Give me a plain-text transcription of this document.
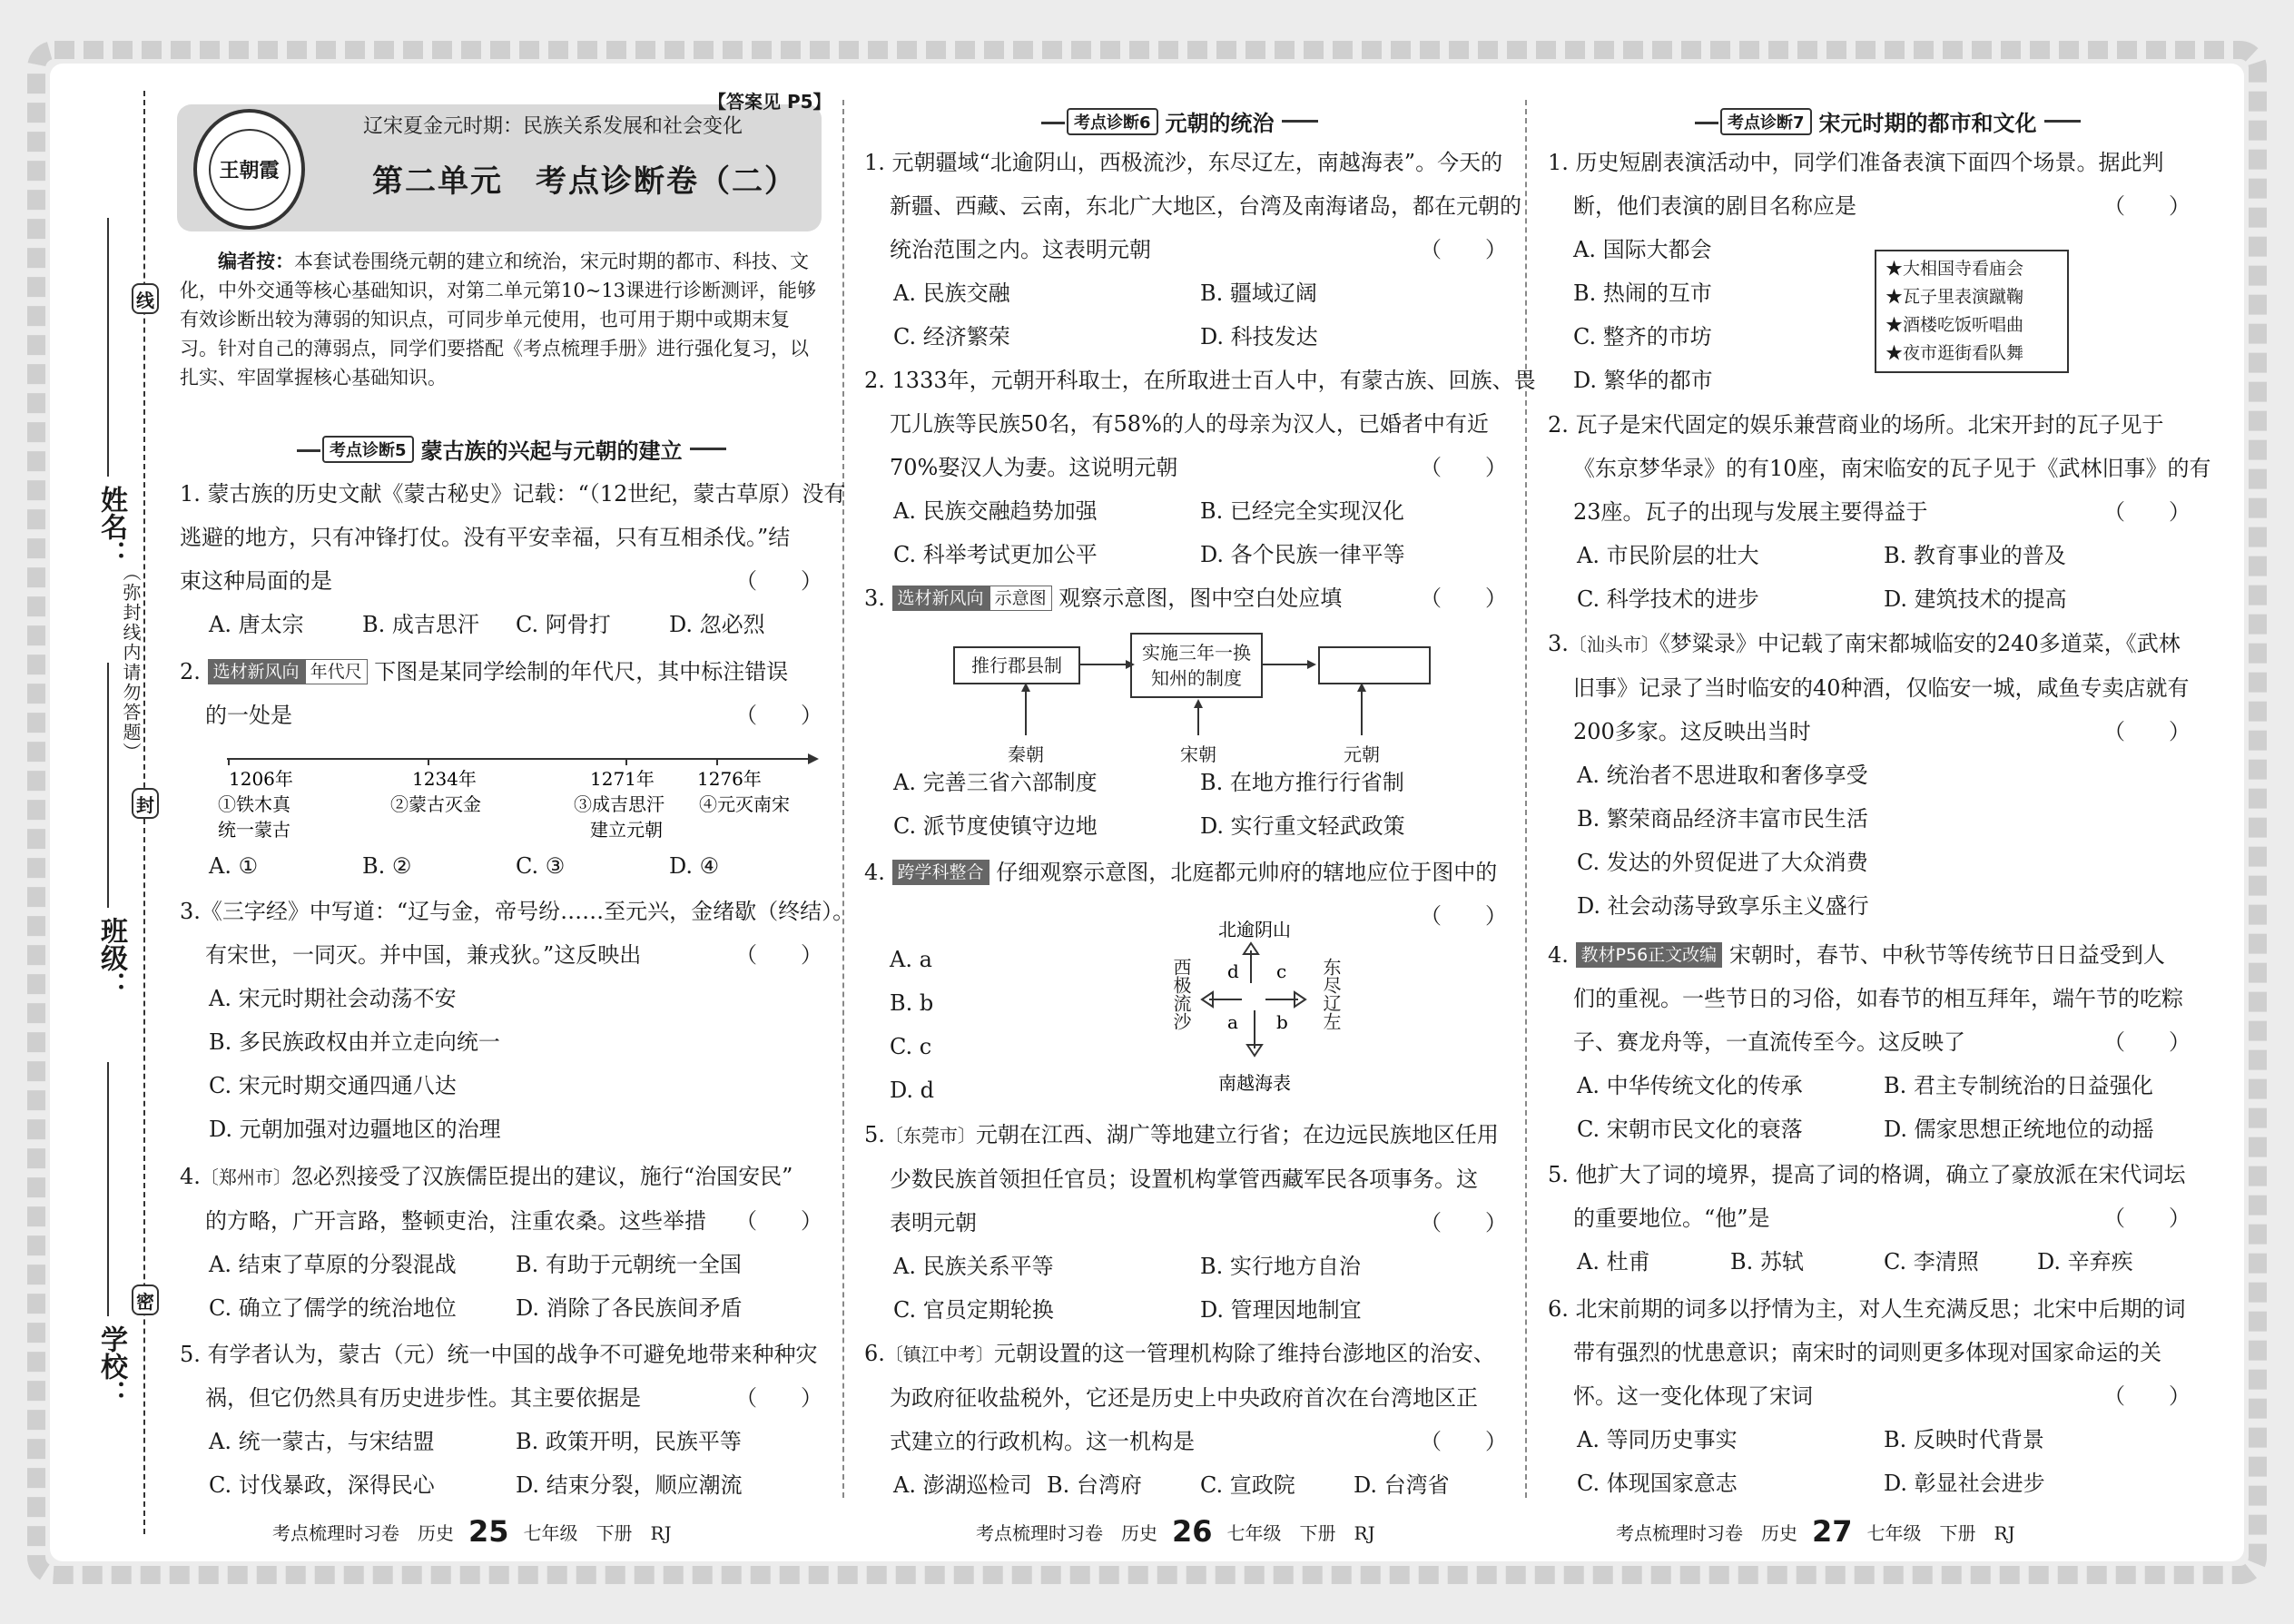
学校：
班级：
姓名：
线
封
密
（弥封线内请勿答题）
王朝霞
【答案见 P5】
辽宋夏金元时期：民族关系发展和社会变化
第二单元　考点诊断卷（二）
编者按：本套试卷围绕元朝的建立和统治，宋元时期的都市、科技、文化，中外交通等核心基础知识，对第二单元第10~13课进行诊断测评，能够有效诊断出较为薄弱的知识点，可同步单元使用，也可用于期中或期末复习。针对自己的薄弱点，同学们要搭配《考点梳理手册》进行强化复习，以扎实、牢固掌握核心基础知识。
考点诊断5 蒙古族的兴起与元朝的建立
1. 蒙古族的历史文献《蒙古秘史》记载：“（12世纪，蒙古草原）没有
逃避的地方，只有冲锋打仗。没有平安幸福，只有互相杀伐。”结
束这种局面的是	（　　）
A. 唐太宗	B. 成吉思汗	C. 阿骨打	D. 忽必烈
2. 选材新风向 年代尺 下图是某同学绘制的年代尺，其中标注错误
的一处是	（　　）
1206年	1234年	1271年 1276年
①铁木真
统一蒙古
②蒙古灭金	③成吉思汗
建立元朝
④元灭南宋
A. ①	B. ②	C. ③	D. ④
3.《三字经》中写道：“辽与金，帝号纷……至元兴，金绪歇（终结）。
有宋世，一同灭。并中国，兼戎狄。”这反映出	（　　）
A. 宋元时期社会动荡不安
B. 多民族政权由并立走向统一
C. 宋元时期交通四通八达
D. 元朝加强对边疆地区的治理
4.〔郑州市〕忽必烈接受了汉族儒臣提出的建议，施行“治国安民”
的方略，广开言路，整顿吏治，注重农桑。这些举措 （　　）
A. 结束了草原的分裂混战	B. 有助于元朝统一全国
C. 确立了儒学的统治地位	D. 消除了各民族间矛盾
5. 有学者认为，蒙古（元）统一中国的战争不可避免地带来种种灾
祸，但它仍然具有历史进步性。其主要依据是	（　　）
A. 统一蒙古，与宋结盟	B. 政策开明，民族平等
C. 讨伐暴政，深得民心	D. 结束分裂，顺应潮流
考点梳理时习卷　历史 25 七年级　下册　RJ
考点诊断6 元朝的统治
1. 元朝疆域“北逾阴山，西极流沙，东尽辽左，南越海表”。今天的
新疆、西藏、云南，东北广大地区，台湾及南海诸岛，都在元朝的
统治范围之内。这表明元朝	（　　）
A. 民族交融	B. 疆域辽阔
C. 经济繁荣	D. 科技发达
2. 1333年，元朝开科取士，在所取进士百人中，有蒙古族、回族、畏
兀儿族等民族50名，有58%的人的母亲为汉人，已婚者中有近
70%娶汉人为妻。这说明元朝	（　　）
A. 民族交融趋势加强	B. 已经完全实现汉化
C. 科举考试更加公平	D. 各个民族一律平等
3. 选材新风向 示意图 观察示意图，图中空白处应填	（　　）
推行郡县制
实施三年一换
知州的制度
秦朝	宋朝	元朝
A. 完善三省六部制度	B. 在地方推行行省制
C. 派节度使镇守边地	D. 实行重文轻武政策
4. 跨学科整合 仔细观察示意图，北庭都元帅府的辖地应位于图中的
（　　）

A. a
B. b
C. c
D. d
北逾阴山
南越海表
d c
a b
西极流沙	东尽辽左
5.〔东莞市〕元朝在江西、湖广等地建立行省；在边远民族地区任用
少数民族首领担任官员；设置机构掌管西藏军民各项事务。这
表明元朝	（　　）
A. 民族关系平等	B. 实行地方自治
C. 官员定期轮换	D. 管理因地制宜
6.〔镇江中考〕元朝设置的这一管理机构除了维持台澎地区的治安、
为政府征收盐税外，它还是历史上中央政府首次在台湾地区正
式建立的行政机构。这一机构是	（　　）
A. 澎湖巡检司 B. 台湾府	C. 宣政院	D. 台湾省
考点梳理时习卷　历史 26 七年级　下册　RJ
考点诊断7 宋元时期的都市和文化
1. 历史短剧表演活动中，同学们准备表演下面四个场景。据此判
断，他们表演的剧目名称应是	（　　）
A. 国际大都会
B. 热闹的互市
C. 整齐的市坊
D. 繁华的都市
★大相国寺看庙会
★瓦子里表演蹴鞠
★酒楼吃饭听唱曲
★夜市逛街看队舞
2. 瓦子是宋代固定的娱乐兼营商业的场所。北宋开封的瓦子见于
《东京梦华录》的有10座，南宋临安的瓦子见于《武林旧事》的有
23座。瓦子的出现与发展主要得益于	（　　）
A. 市民阶层的壮大	B. 教育事业的普及
C. 科学技术的进步	D. 建筑技术的提高
3.〔汕头市〕《梦粱录》中记载了南宋都城临安的240多道菜，《武林
旧事》记录了当时临安的40种酒，仅临安一城，咸鱼专卖店就有
200多家。这反映出当时	（　　）
A. 统治者不思进取和奢侈享受
B. 繁荣商品经济丰富市民生活
C. 发达的外贸促进了大众消费
D. 社会动荡导致享乐主义盛行
4. 教材P56正文改编 宋朝时，春节、中秋节等传统节日日益受到人
们的重视。一些节日的习俗，如春节的相互拜年，端午节的吃粽
子、赛龙舟等，一直流传至今。这反映了	（　　）
A. 中华传统文化的传承	B. 君主专制统治的日益强化
C. 宋朝市民文化的衰落	D. 儒家思想正统地位的动摇
5. 他扩大了词的境界，提高了词的格调，确立了豪放派在宋代词坛
的重要地位。“他”是	（　　）
A. 杜甫	B. 苏轼	C. 李清照	D. 辛弃疾
6. 北宋前期的词多以抒情为主，对人生充满反思；北宋中后期的词
带有强烈的忧患意识；南宋时的词则更多体现对国家命运的关
怀。这一变化体现了宋词	（　　）
A. 等同历史事实	B. 反映时代背景
C. 体现国家意志	D. 彰显社会进步
考点梳理时习卷　历史 27 七年级　下册　RJ
